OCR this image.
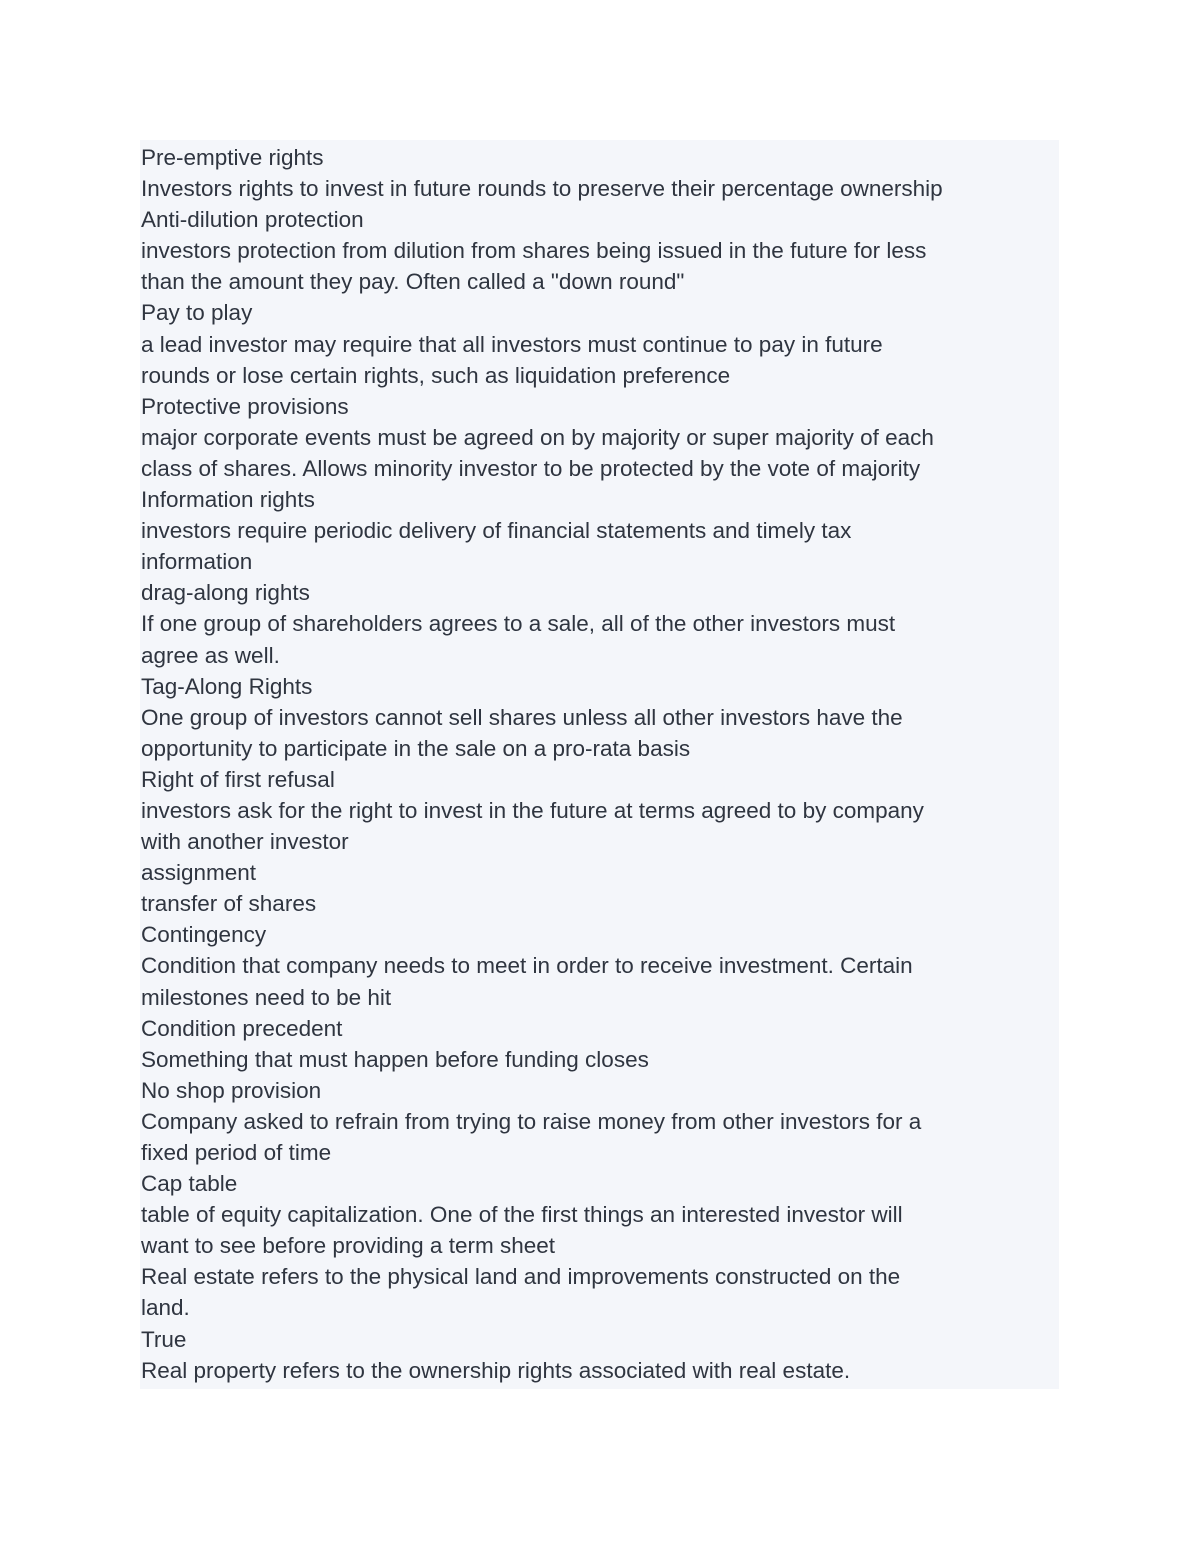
Pre-emptive rights
Investors rights to invest in future rounds to preserve their percentage ownership
Anti-dilution protection
investors protection from dilution from shares being issued in the future for less
than the amount they pay. Often called a "down round"
Pay to play
a lead investor may require that all investors must continue to pay in future
rounds or lose certain rights, such as liquidation preference
Protective provisions
major corporate events must be agreed on by majority or super majority of each
class of shares. Allows minority investor to be protected by the vote of majority
Information rights
investors require periodic delivery of financial statements and timely tax
information
drag-along rights
If one group of shareholders agrees to a sale, all of the other investors must
agree as well.
Tag-Along Rights
One group of investors cannot sell shares unless all other investors have the
opportunity to participate in the sale on a pro-rata basis
Right of first refusal
investors ask for the right to invest in the future at terms agreed to by company
with another investor
assignment
transfer of shares
Contingency
Condition that company needs to meet in order to receive investment. Certain
milestones need to be hit
Condition precedent
Something that must happen before funding closes
No shop provision
Company asked to refrain from trying to raise money from other investors for a
fixed period of time
Cap table
table of equity capitalization. One of the first things an interested investor will
want to see before providing a term sheet
Real estate refers to the physical land and improvements constructed on the
land.
True
Real property refers to the ownership rights associated with real estate.
